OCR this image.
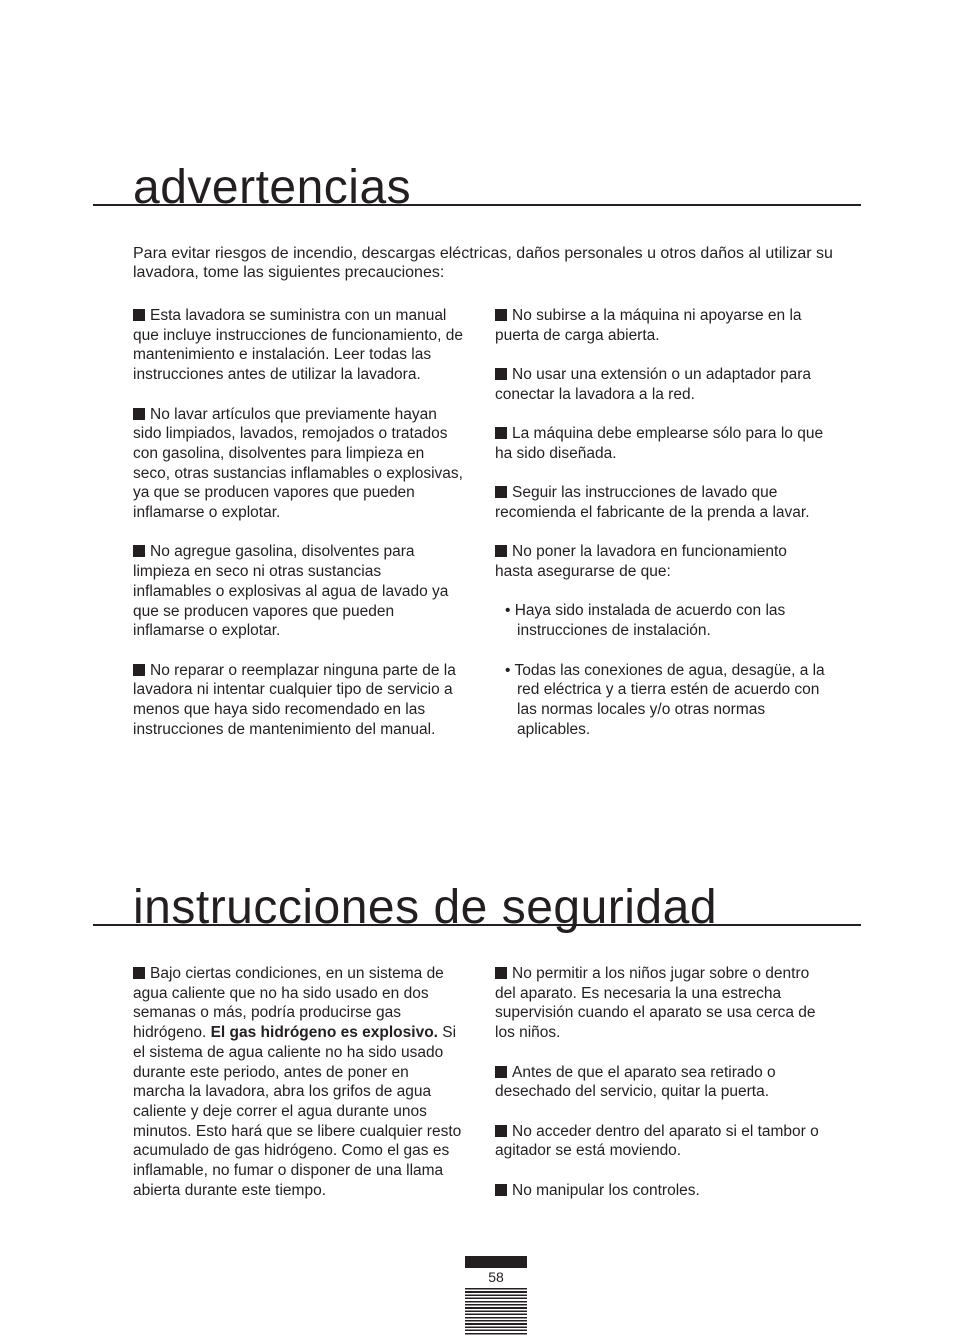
advertencias

Para evitar riesgos de incendio, descargas eléctricas, daños personales u otros daños al utilizar su lavadora, tome las siguientes precauciones:

Esta lavadora se suministra con un manual que incluye instrucciones de funcionamiento, de mantenimiento e instalación. Leer todas las instrucciones antes de utilizar la lavadora.

No lavar artículos que previamente hayan sido limpiados, lavados, remojados o tratados con gasolina, disolventes para limpieza en seco, otras sustancias inflamables o explosivas, ya que se producen vapores que pueden inflamarse o explotar.

No agregue gasolina, disolventes para limpieza en seco ni otras sustancias inflamables o explosivas al agua de lavado ya que se producen vapores que pueden inflamarse o explotar.

No reparar o reemplazar ninguna parte de la lavadora ni intentar cualquier tipo de servicio a menos que haya sido recomendado en las instrucciones de mantenimiento del manual.

No subirse a la máquina ni apoyarse en la puerta de carga abierta.

No usar una extensión o un adaptador para conectar la lavadora a la red.

La máquina debe emplearse sólo para lo que ha sido diseñada.

Seguir las instrucciones de lavado que recomienda el fabricante de la prenda a lavar.

No poner la lavadora en funcionamiento hasta asegurarse de que:

• Haya sido instalada de acuerdo con las instrucciones de instalación.

• Todas las conexiones de agua, desagüe, a la red eléctrica y a tierra estén de acuerdo con las normas locales y/o otras normas aplicables.

instrucciones de seguridad

Bajo ciertas condiciones, en un sistema de agua caliente que no ha sido usado en dos semanas o más, podría producirse gas hidrógeno. El gas hidrógeno es explosivo. Si el sistema de agua caliente no ha sido usado durante este periodo, antes de poner en marcha la lavadora, abra los grifos de agua caliente y deje correr el agua durante unos minutos. Esto hará que se libere cualquier resto acumulado de gas hidrógeno. Como el gas es inflamable, no fumar o disponer de una llama abierta durante este tiempo.

No permitir a los niños jugar sobre o dentro del aparato. Es necesaria la una estrecha supervisión cuando el aparato se usa cerca de los niños.

Antes de que el aparato sea retirado o desechado del servicio, quitar la puerta.

No acceder dentro del aparato si el tambor o agitador se está moviendo.

No manipular los controles.

58
